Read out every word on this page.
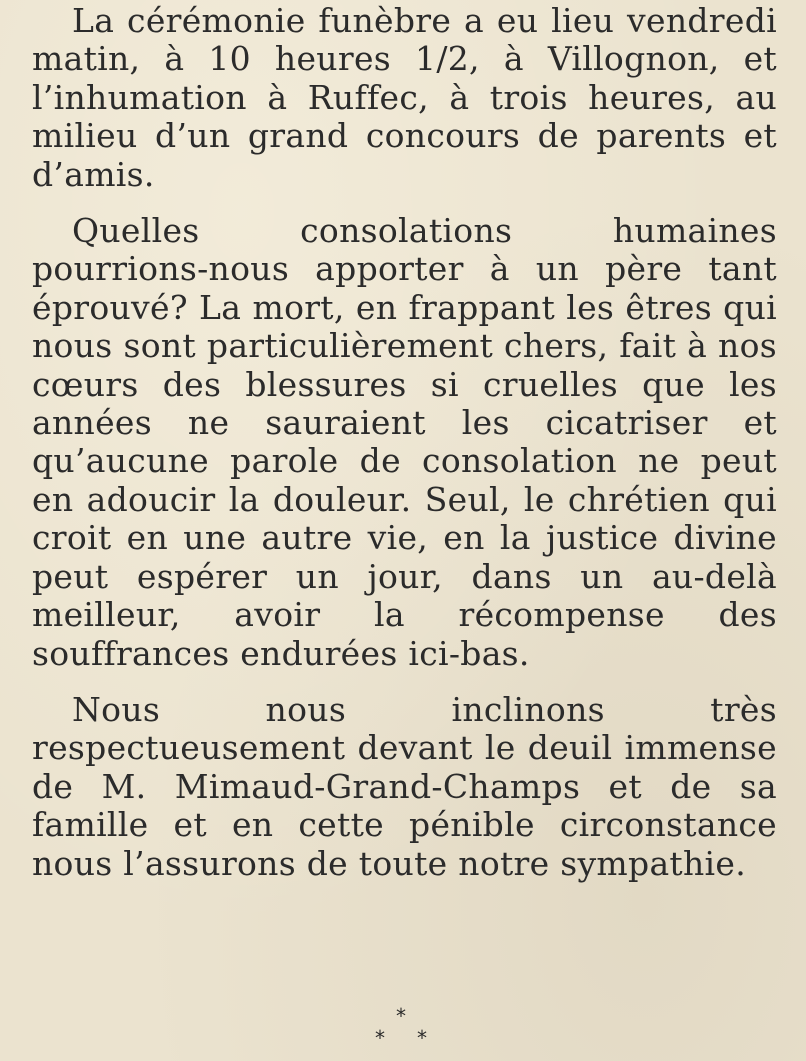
La cérémonie funèbre a eu lieu vendredi matin, à 10 heures 1/2, à Villognon, et l’inhumation à Ruffec, à trois heures, au milieu d’un grand concours de parents et d’amis.

Quelles consolations humaines pourrions-nous apporter à un père tant éprouvé? La mort, en frappant les êtres qui nous sont particulièrement chers, fait à nos cœurs des blessures si cruelles que les années ne sauraient les cicatriser et qu’aucune parole de consolation ne peut en adoucir la douleur. Seul, le chrétien qui croit en une autre vie, en la justice divine peut espérer un jour, dans un au-delà meilleur, avoir la récompense des souffrances endurées ici-bas.

Nous nous inclinons très respectueusement devant le deuil immense de M. Mimaud-Grand-Champs et de sa famille et en cette pénible circonstance nous l’assurons de toute notre sympathie.

*
* *
